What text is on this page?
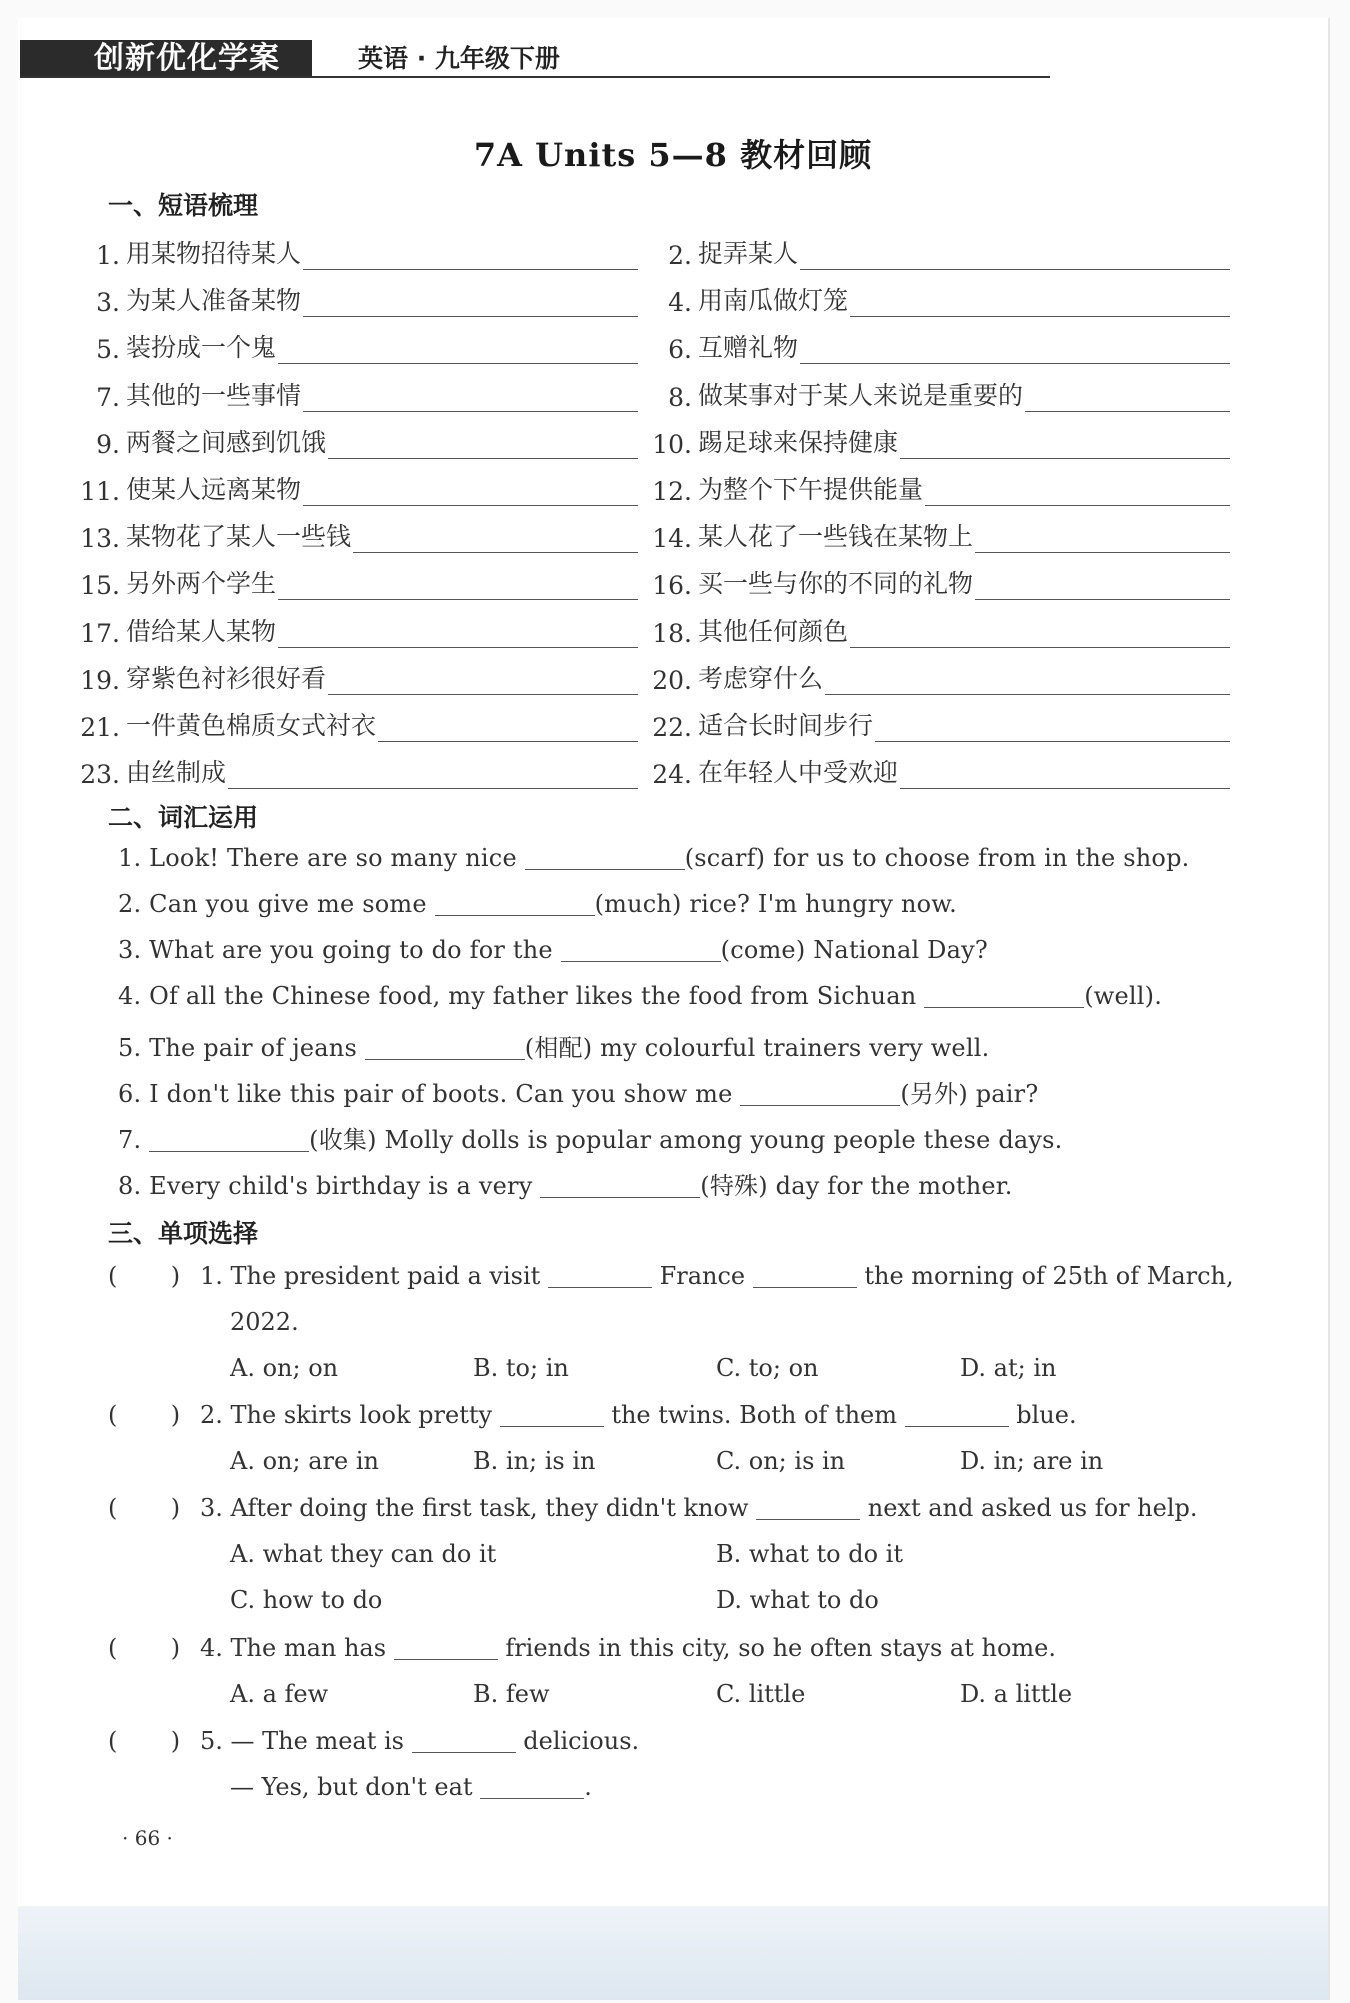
创新优化学案	英语 · 九年级下册
7A Units 5—8 教材回顾
一、短语梳理
1. 用某物招待某人	2. 捉弄某人
3. 为某人准备某物	4. 用南瓜做灯笼
5. 装扮成一个鬼	6. 互赠礼物
7. 其他的一些事情	8. 做某事对于某人来说是重要的
9. 两餐之间感到饥饿	10. 踢足球来保持健康
11. 使某人远离某物	12. 为整个下午提供能量
13. 某物花了某人一些钱	14. 某人花了一些钱在某物上
15. 另外两个学生	16. 买一些与你的不同的礼物
17. 借给某人某物	18. 其他任何颜色
19. 穿紫色衬衫很好看	20. 考虑穿什么
21. 一件黄色棉质女式衬衣	22. 适合长时间步行
23. 由丝制成	24. 在年轻人中受欢迎
二、词汇运用
1. Look! There are so many nice	(scarf) for us to choose from in the shop.
2. Can you give me some	(much) rice? I'm hungry now.
3. What are you going to do for the	(come) National Day?
4. Of all the Chinese food, my father likes the food from Sichuan	(well).
5. The pair of jeans	(相配) my colourful trainers very well.
6. I don't like this pair of boots. Can you show me	(另外) pair?
7.	(收集) Molly dolls is popular among young people these days.
8. Every child's birthday is a very	(特殊) day for the mother.
三、单项选择
(       ) 1. The president paid a visit	France	the morning of 25th of March,
2022.
A. on; on	B. to; in	C. to; on	D. at; in
(       ) 2. The skirts look pretty	the twins. Both of them	blue.
A. on; are in	B. in; is in	C. on; is in	D. in; are in
(       ) 3. After doing the first task, they didn't know	next and asked us for help.
A. what they can do it	B. what to do it
C. how to do	D. what to do
(       ) 4. The man has	friends in this city, so he often stays at home.
A. a few	B. few	C. little	D. a little
(       ) 5. — The meat is	delicious.
— Yes, but don't eat	.
· 66 ·
